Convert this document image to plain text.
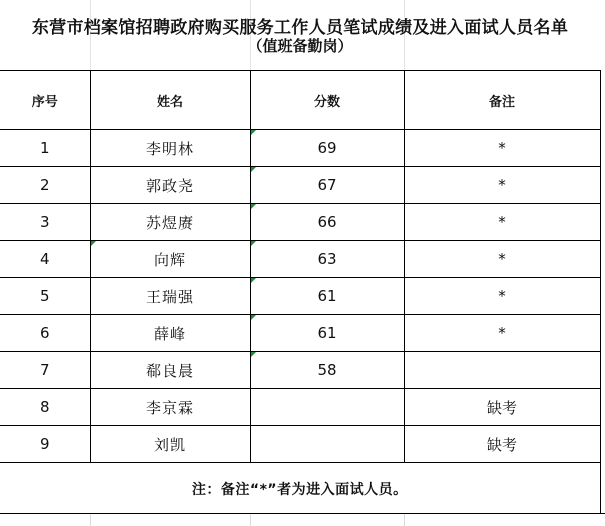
东营市档案馆招聘政府购买服务工作人员笔试成绩及进入面试人员名单
（值班备勤岗）
序号	姓名	分数	备注
1	李明林	69	*
2	郭政尧	67	*
3	苏煜赓	66	*
4	向辉	63	*
5	王瑞强	61	*
6	薛峰	61	*
7	郗良晨	58	
8	李京霖		缺考
9	刘凯		缺考
注：备注“*”者为进入面试人员。			
